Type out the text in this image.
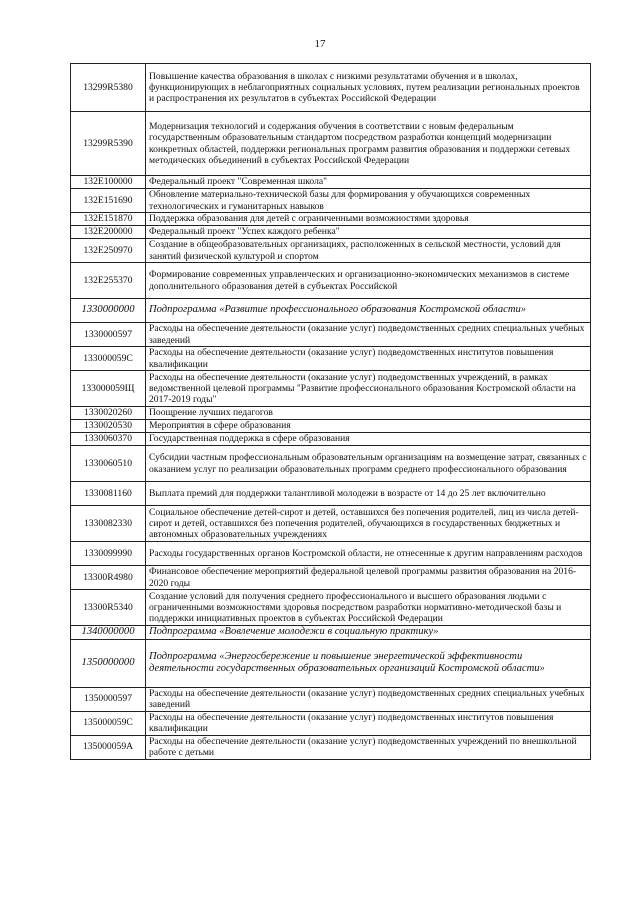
17
13299R5380	Повышение качества образования в школах с низкими результатами обучения и в школах, функционирующих в неблагоприятных социальных условиях, путем реализации региональных проектов и распространения их результатов в субъектах Российской Федерации
13299R5390	Модернизация технологий и содержания обучения в соответствии с новым федеральным государственным образовательным стандартом посредством разработки концепций модернизации конкретных областей, поддержки региональных программ развития образования и поддержки сетевых методических объединений в субъектах Российской Федерации
132E100000	Федеральный проект "Современная школа"
132E151690	Обновление материально-технической базы для формирования у обучающихся современных технологических и гуманитарных навыков
132E151870	Поддержка образования для детей с ограниченными возможностями здоровья
132E200000	Федеральный проект "Успех каждого ребенка"
132E250970	Создание в общеобразовательных организациях, расположенных в сельской местности, условий для занятий физической культурой и спортом
132E255370	Формирование современных управленческих и организационно-экономических механизмов в системе дополнительного образования детей в субъектах Российской
1330000000	Подпрограмма «Развитие профессионального образования Костромской области»
1330000597	Расходы на обеспечение деятельности (оказание услуг) подведомственных средних специальных учебных заведений
133000059С	Расходы на обеспечение деятельности (оказание услуг) подведомственных институтов повышения квалификации
133000059Щ	Расходы на обеспечение деятельности (оказание услуг) подведомственных учреждений, в рамках ведомственной целевой программы "Развитие профессионального образования Костромской области на 2017-2019 годы"
1330020260	Поощрение лучших педагогов
1330020530	Мероприятия в сфере образования
1330060370	Государственная поддержка в сфере образования
1330060510	Субсидии частным профессиональным образовательным организациям на возмещение затрат, связанных с оказанием услуг по реализации образовательных программ среднего профессионального образования
1330081160	Выплата премий для поддержки талантливой молодежи в возрасте от 14 до 25 лет включительно
1330082330	Социальное обеспечение детей-сирот и детей, оставшихся без попечения родителей, лиц из числа детей-сирот и детей, оставшихся без попечения родителей, обучающихся в государственных бюджетных и автономных образовательных учреждениях
1330099990	Расходы государственных органов Костромской области, не отнесенные к другим направлениям расходов
13300R4980	Финансовое обеспечение мероприятий федеральной целевой программы развития образования на 2016-2020 годы
13300R5340	Создание условий для получения среднего профессионального и высшего образования людьми с ограниченными возможностями здоровья посредством разработки нормативно-методической базы и поддержки инициативных проектов в субъектах Российской Федерации
1340000000	Подпрограмма «Вовлечение молодежи в социальную практику»
1350000000	Подпрограмма «Энергосбережение и повышение энергетической эффективности деятельности государственных образовательных организаций Костромской области»
1350000597	Расходы на обеспечение деятельности (оказание услуг) подведомственных средних специальных учебных заведений
135000059С	Расходы на обеспечение деятельности (оказание услуг) подведомственных институтов повышения квалификации
135000059А	Расходы на обеспечение деятельности (оказание услуг) подведомственных учреждений по внешкольной работе с детьми
